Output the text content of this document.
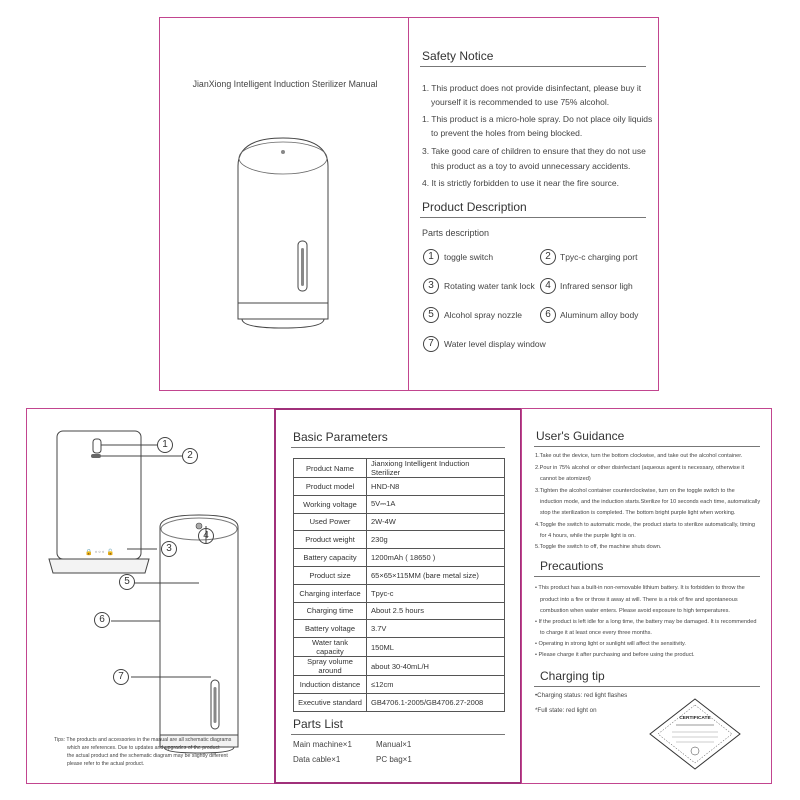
JianXiong Intelligent Induction Sterilizer Manual
Safety Notice
1. This product does not provide disinfectant, please buy it
yourself it is recommended to use 75% alcohol.
1. This product is a micro-hole spray. Do not place oily liquids
to prevent the holes from being blocked.
3. Take good care of children to ensure that they do not use
this product as a toy to avoid unnecessary accidents.
4. It is strictly forbidden to use it near the fire source.
Product Description
Parts description
1	toggle switch	2	Tpyc-c charging port
3	Rotating water tank lock	4	Infrared sensor ligh
5	Alcohol spray nozzle	6	Aluminum alloy body
7	Water level display window
🔒 ◦◦◦ 🔓
1
2
3
4
5
6
7
Tips: The products and accessories in the manual are all schematic diagrams
which are references. Due to updates and upgrades of the product
the actual product and the schematic diagram may be slightly different
please refer to the actual product.
Basic Parameters
Product Name	Jianxiong Intelligent Induction Sterilizer
Product model	HND-N8
Working voltage	5V⎓1A
Used Power	2W-4W
Product weight	230g
Battery capacity	1200mAh ( 18650 )
Product size	65×65×115MM (bare metal size)
Charging interface	Tpyc-c
Charging time	About 2.5 hours
Battery voltage	3.7V
Water tank capacity	150ML
Spray volume around	about 30-40mL/H
Induction distance	≤12cm
Executive standard	GB4706.1-2005/GB4706.27-2008
Parts List
Main machine×1	Manual×1
Data cable×1	PC bag×1
User's Guidance
1.Take out the device, turn the bottom clockwise, and take out the alcohol container.
2.Pour in 75% alcohol or other disinfectant (aqueous agent is necessary, otherwise it
cannot be atomized)
3.Tighten the alcohol container counterclockwise, turn on the toggle switch to the
induction mode, and the induction starts.Sterilize for 10 seconds each time, automatically
stop the sterilization is completed. The bottom bright purple light when working.
4.Toggle the switch to automatic mode, the product starts to sterilize automatically, timing
for 4 hours, while the purple light is on.
5.Toggle the switch to off, the machine shuts down.
Precautions
• This product has a built-in non-removable lithium battery. It is forbidden to throw the
product into a fire or throw it away at will. There is a risk of fire and spontaneous
combustion when water enters. Please avoid exposure to high temperatures.
• If the product is left idle for a long time, the battery may be damaged. It is recommended
to charge it at least once every three months.
• Operating in strong light or sunlight will affect the sensitivity.
• Please charge it after purchasing and before using the product.
Charging tip
•Charging status: red light flashes
*Full state: red light on
CERTIFICATE
